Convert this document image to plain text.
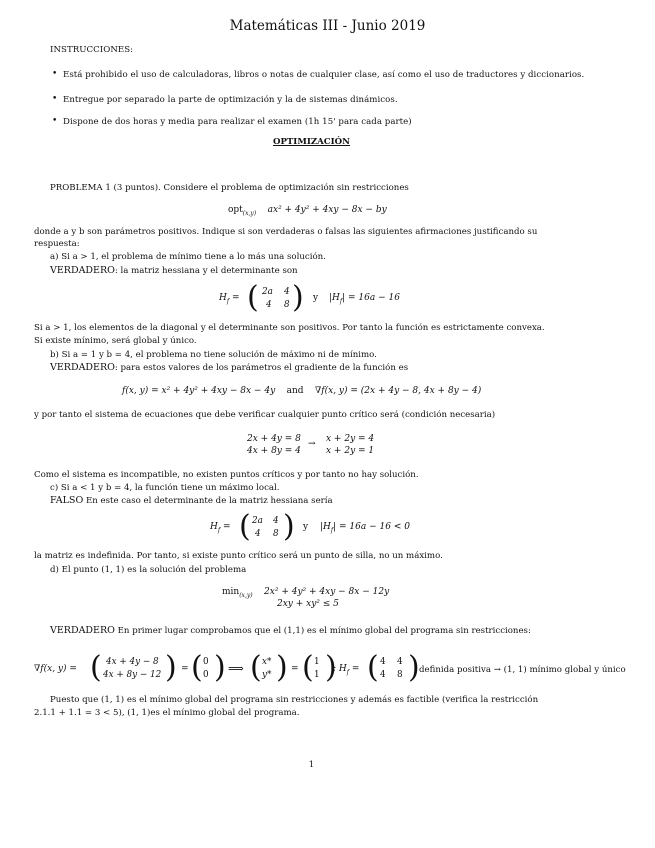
Matemáticas III - Junio 2019
INSTRUCCIONES:
• Está prohibido el uso de calculadoras, libros o notas de cualquier clase, así como el uso de traductores y diccionarios.
• Entregue por separado la parte de optimización y la de sistemas dinámicos.
• Dispone de dos horas y media para realizar el examen (1h 15' para cada parte)
OPTIMIZACIÓN
PROBLEMA 1 (3 puntos). Considere el problema de optimización sin restricciones
opt$_{(x,y)}$ ax² + 4y² + 4xy − 8x − by
donde a y b son parámetros positivos. Indique si son verdaderas o falsas las siguientes afirmaciones justificando su
respuesta:
a) Si a > 1, el problema de mínimo tiene a lo más una solución.
VERDADERO: la matriz hessiana y el determinante son
$H_f$ = ( 2a 4
4 8 ) y $|H_f| = 16a - 16$
Si a > 1, los elementos de la diagonal y el determinante son positivos. Por tanto la función es estrictamente convexa.
Si existe mínimo, será global y único.
b) Si a = 1 y b = 4, el problema no tiene solución de máximo ni de mínimo.
VERDADERO: para estos valores de los parámetros el gradiente de la función es
f(x, y) = x² + 4y² + 4xy − 8x − 4y and ∇f(x, y) = (2x + 4y − 8, 4x + 8y − 4)
y por tanto el sistema de ecuaciones que debe verificar cualquier punto crítico será (condición necesaria)
2x + 4y = 8
4x + 8y = 4
→ x + 2y = 4
x + 2y = 1
Como el sistema es incompatible, no existen puntos críticos y por tanto no hay solución.
c) Si a < 1 y b = 4, la función tiene un máximo local.
FALSO En este caso el determinante de la matriz hessiana sería
$H_f$ = ( 2a 4
4 8 ) y $|H_f| = 16a - 16 < 0$
la matriz es indefinida. Por tanto, si existe punto crítico será un punto de silla, no un máximo.
d) El punto (1, 1) es la solución del problema
$\min_{(x,y)} 2x^2 + 4y^2 + 4xy - 8x - 12y$
2xy + xy² ≤ 5
VERDADERO En primer lugar comprobamos que el (1,1) es el mínimo global del programa sin restricciones:
∇f(x, y) = ( 4x + 4y − 8
4x + 8y − 12 ) = ( 0
0 ) ⟹ ( x*
y* ) = ( 1
1 )
; $H_f$ = ( 4 4
4 8 ) definida positiva → (1, 1) mínimo global y único
Puesto que (1, 1) es el mínimo global del programa sin restricciones y además es factible (verifica la restricción
2.1.1 + 1.1 = 3 < 5), (1, 1)es el mínimo global del programa.
1
